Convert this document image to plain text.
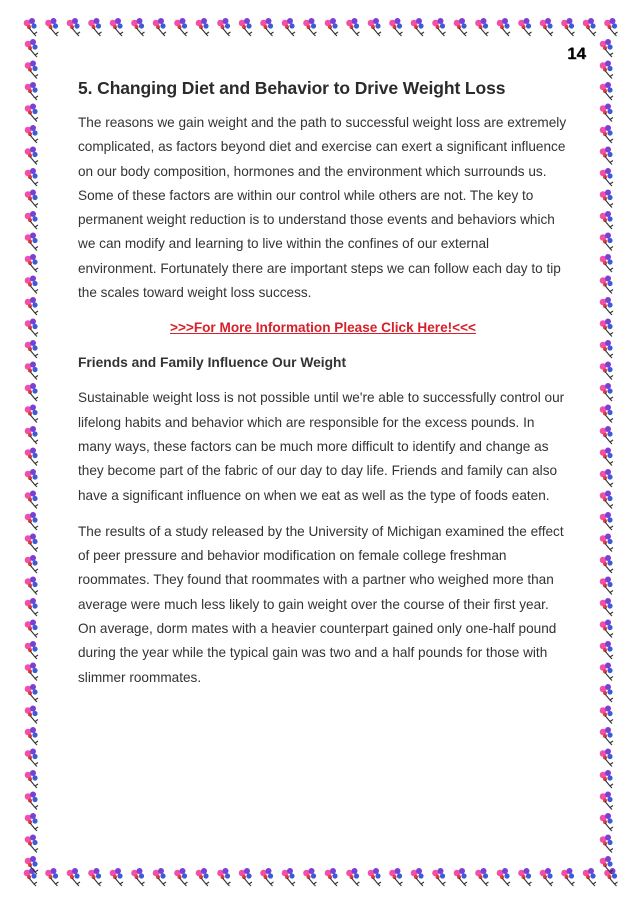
14
5. Changing Diet and Behavior to Drive Weight Loss

The reasons we gain weight and the path to successful weight loss are extremely complicated, as factors beyond diet and exercise can exert a significant influence on our body composition, hormones and the environment which surrounds us. Some of these factors are within our control while others are not. The key to permanent weight reduction is to understand those events and behaviors which we can modify and learning to live within the confines of our external environment. Fortunately there are important steps we can follow each day to tip the scales toward weight loss success.

>>>For More Information Please Click Here!<<<
Friends and Family Influence Our Weight

Sustainable weight loss is not possible until we're able to successfully control our lifelong habits and behavior which are responsible for the excess pounds. In many ways, these factors can be much more difficult to identify and change as they become part of the fabric of our day to day life. Friends and family can also have a significant influence on when we eat as well as the type of foods eaten.

The results of a study released by the University of Michigan examined the effect of peer pressure and behavior modification on female college freshman roommates. They found that roommates with a partner who weighed more than average were much less likely to gain weight over the course of their first year. On average, dorm mates with a heavier counterpart gained only one-half pound during the year while the typical gain was two and a half pounds for those with slimmer roommates.
